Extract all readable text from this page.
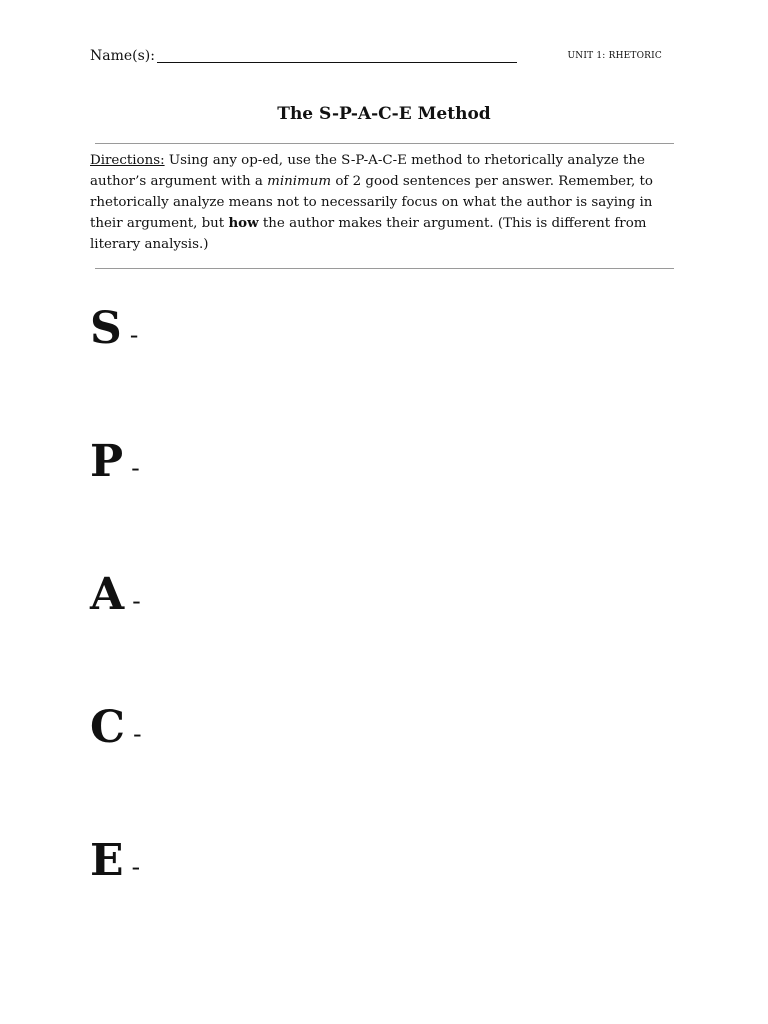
Name(s):	UNIT 1: RHETORIC
The S-P-A-C-E Method
Directions: Using any op-ed, use the S-P-A-C-E method to rhetorically analyze the author’s argument with a minimum of 2 good sentences per answer. Remember, to rhetorically analyze means not to necessarily focus on what the author is saying in their argument, but how the author makes their argument. (This is different from literary analysis.)
S -
P -
A -
C -
E -
